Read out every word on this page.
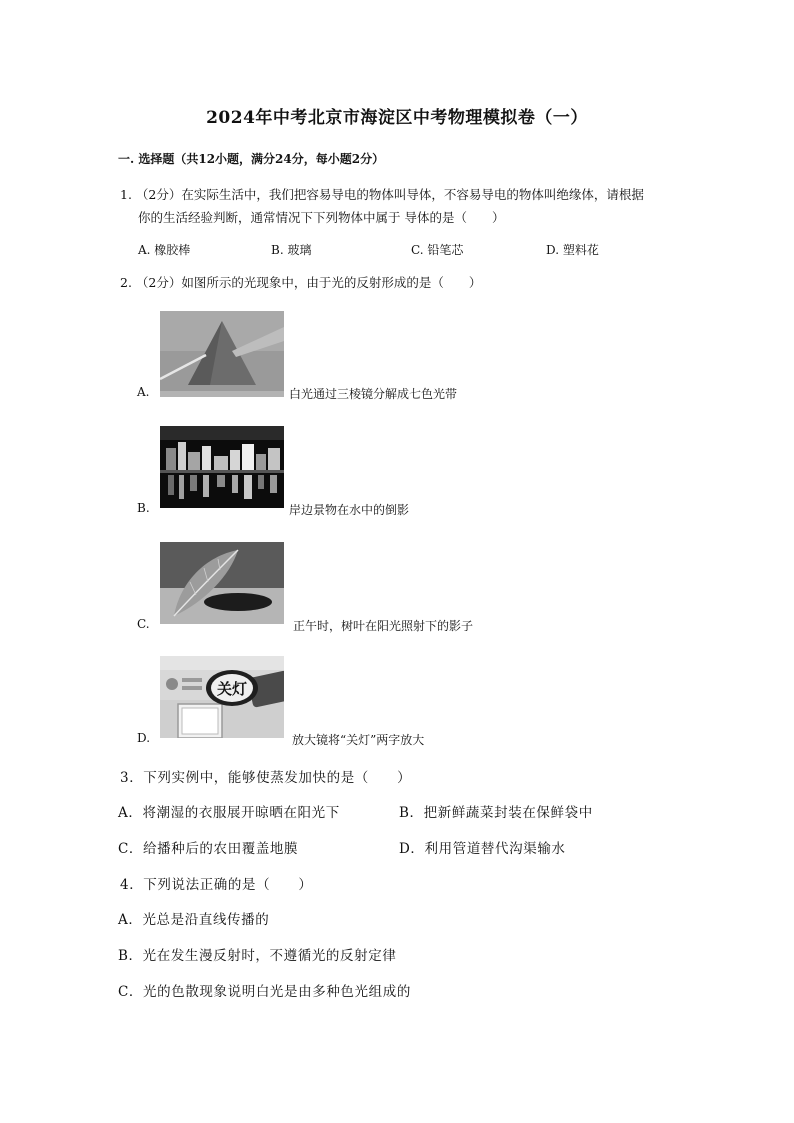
2024年中考北京市海淀区中考物理模拟卷（一）
一. 选择题（共12小题，满分24分，每小题2分）
1. （2分）在实际生活中，我们把容易导电的物体叫导体，不容易导电的物体叫绝缘体，请根据
你的生活经验判断，通常情况下下列物体中属于 导体的是（　　）
A. 橡胶棒	B. 玻璃	C. 铅笔芯	D. 塑料花
2. （2分）如图所示的光现象中，由于光的反射形成的是（　　）
A.	白光通过三棱镜分解成七色光带
B.	岸边景物在水中的倒影
C.	正午时，树叶在阳光照射下的影子
关灯
D.	放大镜将“关灯”两字放大
3．下列实例中，能够使蒸发加快的是（　　）
A．将潮湿的衣服展开晾晒在阳光下	B．把新鲜蔬菜封装在保鲜袋中
C．给播种后的农田覆盖地膜	D．利用管道替代沟渠输水
4．下列说法正确的是（　　）
A．光总是沿直线传播的
B．光在发生漫反射时，不遵循光的反射定律
C．光的色散现象说明白光是由多种色光组成的
